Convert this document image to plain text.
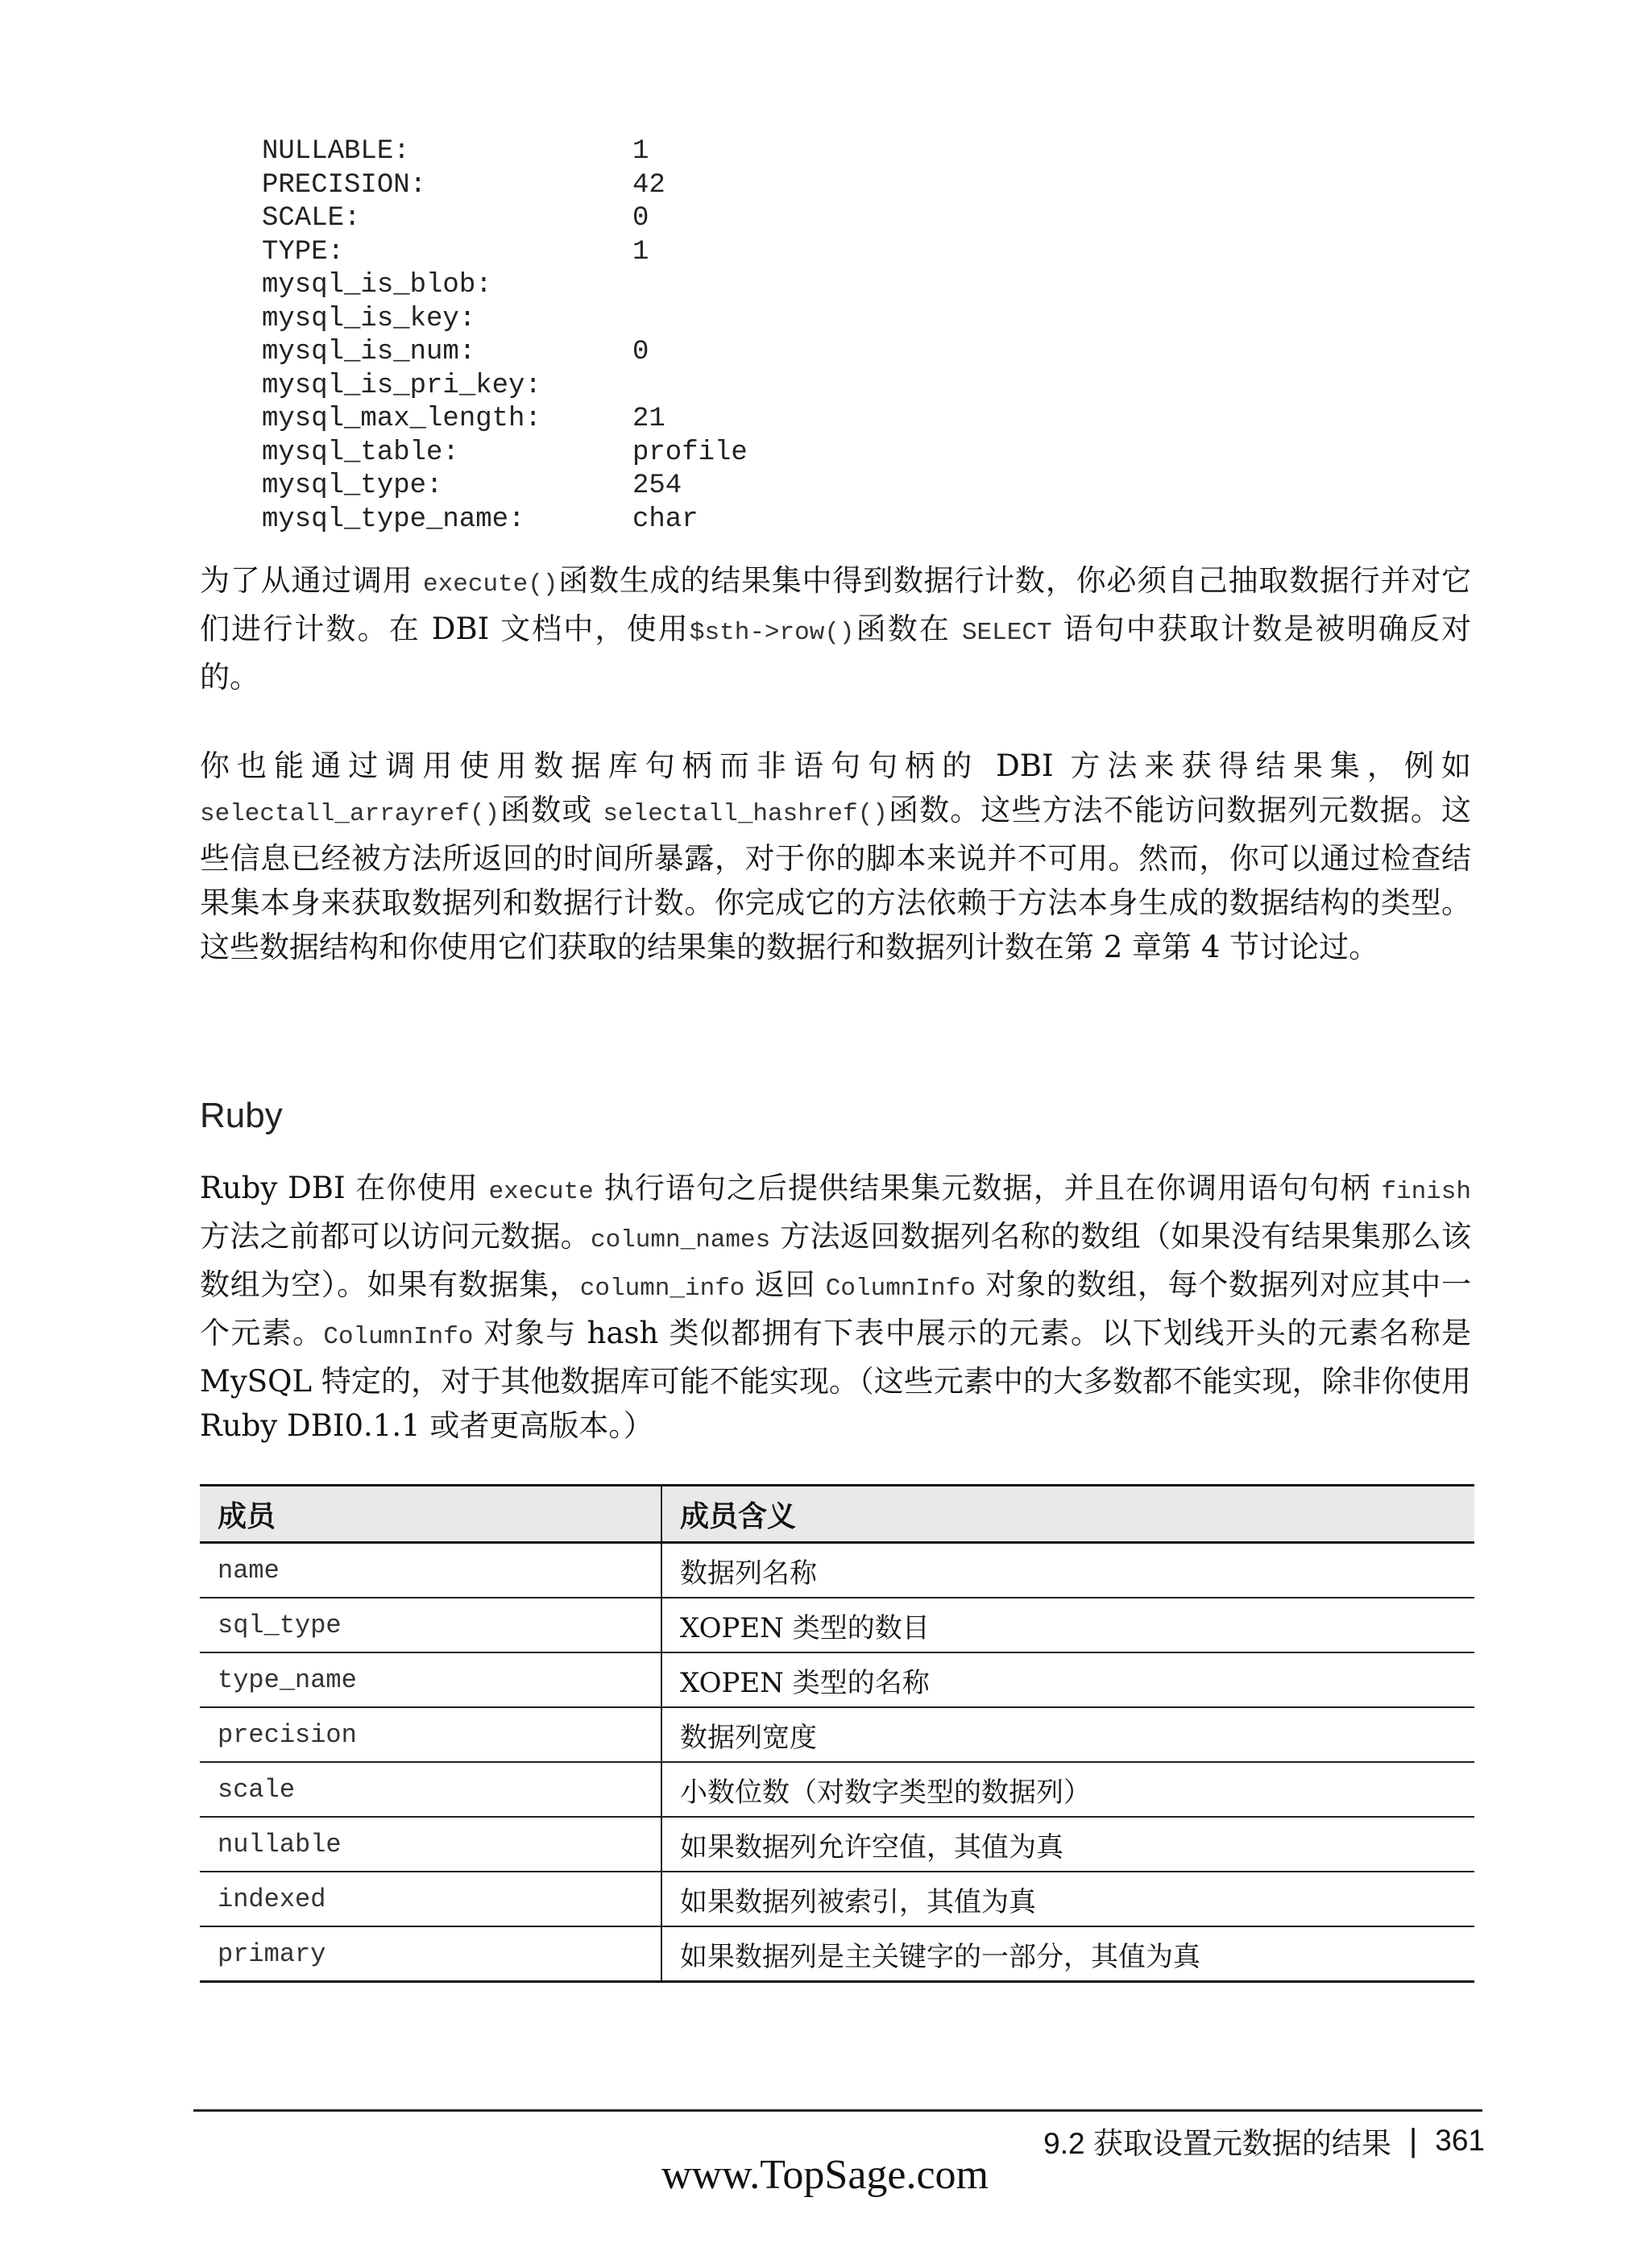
NULLABLE:	1
PRECISION:	42
SCALE:	0
TYPE:	1
mysql_is_blob:
mysql_is_key:
mysql_is_num:	0
mysql_is_pri_key:
mysql_max_length:	21
mysql_table:	profile
mysql_type:	254
mysql_type_name:	char

为了从通过调用 execute()函数生成的结果集中得到数据行计数，你必须自己抽取数据行并对它们进行计数。在 DBI 文档中，使用$sth->row()函数在 SELECT 语句中获取计数是被明确反对的。

你也能通过调用使用数据库句柄而非语句句柄的 DBI 方法来获得结果集，例如 selectall_arrayref()函数或 selectall_hashref()函数。这些方法不能访问数据列元数据。这些信息已经被方法所返回的时间所暴露，对于你的脚本来说并不可用。然而，你可以通过检查结果集本身来获取数据列和数据行计数。你完成它的方法依赖于方法本身生成的数据结构的类型。这些数据结构和你使用它们获取的结果集的数据行和数据列计数在第 2 章第 4 节讨论过。

Ruby

Ruby DBI 在你使用 execute 执行语句之后提供结果集元数据，并且在你调用语句句柄 finish 方法之前都可以访问元数据。column_names 方法返回数据列名称的数组（如果没有结果集那么该数组为空）。如果有数据集，column_info 返回 ColumnInfo 对象的数组，每个数据列对应其中一个元素。ColumnInfo 对象与 hash 类似都拥有下表中展示的元素。以下划线开头的元素名称是 MySQL 特定的，对于其他数据库可能不能实现。（这些元素中的大多数都不能实现，除非你使用 Ruby DBI0.1.1 或者更高版本。）

成员	成员含义
name	数据列名称
sql_type	XOPEN 类型的数目
type_name	XOPEN 类型的名称
precision	数据列宽度
scale	小数位数（对数字类型的数据列）
nullable	如果数据列允许空值，其值为真
indexed	如果数据列被索引，其值为真
primary	如果数据列是主关键字的一部分，其值为真
9.2 获取设置元数据的结果 | 361
www.TopSage.com
